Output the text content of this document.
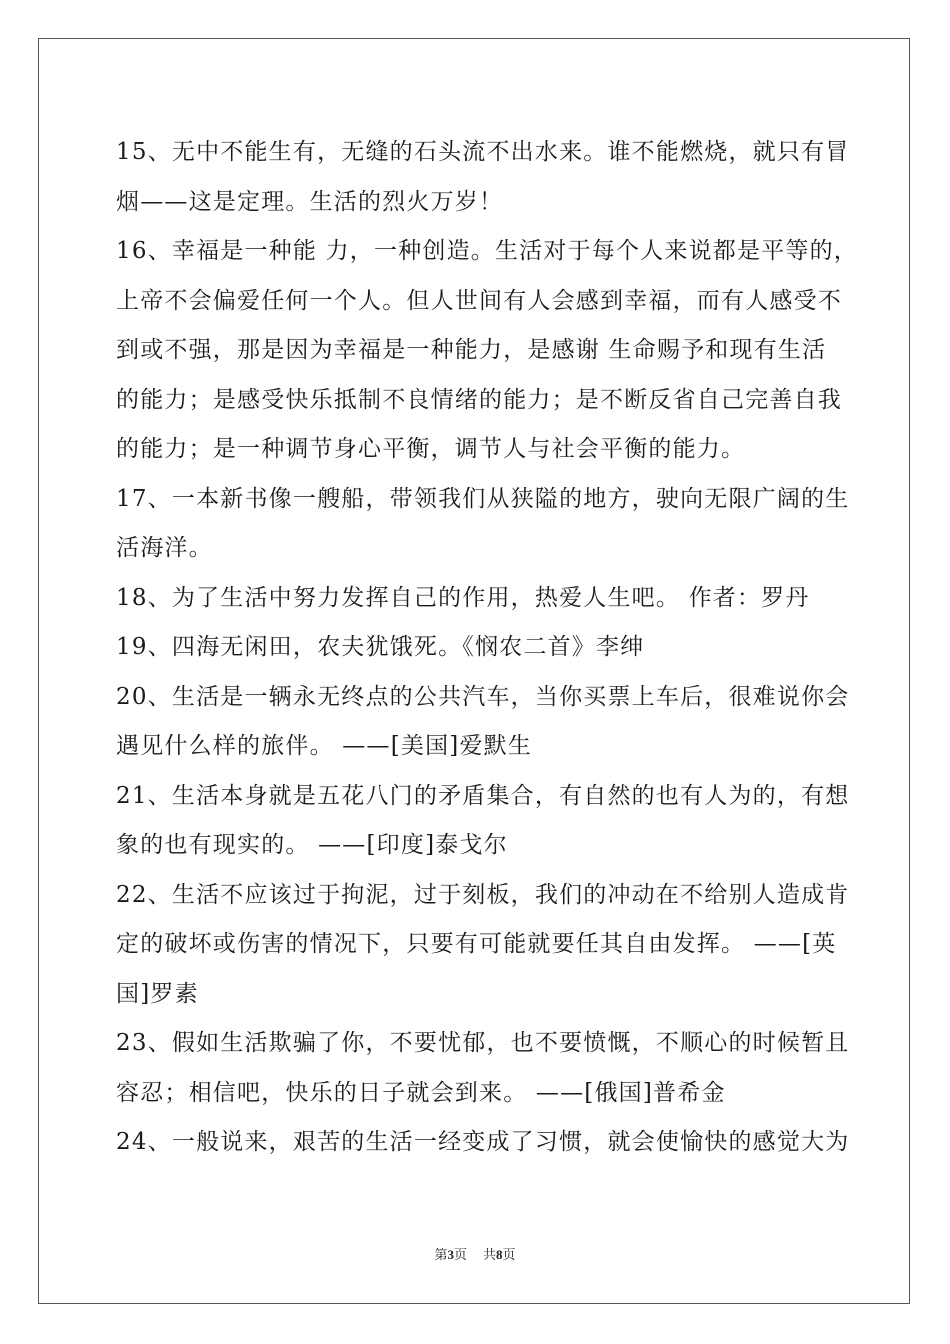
15、无中不能生有，无缝的石头流不出水来。谁不能燃烧，就只有冒
烟——这是定理。生活的烈火万岁！

16、幸福是一种能 力，一种创造。生活对于每个人来说都是平等的，
上帝不会偏爱任何一个人。但人世间有人会感到幸福，而有人感受不
到或不强，那是因为幸福是一种能力，是感谢 生命赐予和现有生活
的能力；是感受快乐抵制不良情绪的能力；是不断反省自己完善自我
的能力；是一种调节身心平衡，调节人与社会平衡的能力。

17、一本新书像一艘船，带领我们从狭隘的地方，驶向无限广阔的生
活海洋。

18、为了生活中努力发挥自己的作用，热爱人生吧。 作者：罗丹

19、四海无闲田，农夫犹饿死。《悯农二首》李绅

20、生活是一辆永无终点的公共汽车，当你买票上车后，很难说你会
遇见什么样的旅伴。 ——[美国]爱默生

21、生活本身就是五花八门的矛盾集合，有自然的也有人为的，有想
象的也有现实的。 ——[印度]泰戈尔

22、生活不应该过于拘泥，过于刻板，我们的冲动在不给别人造成肯
定的破坏或伤害的情况下，只要有可能就要任其自由发挥。 ——[英
国]罗素

23、假如生活欺骗了你，不要忧郁，也不要愤慨，不顺心的时候暂且
容忍；相信吧，快乐的日子就会到来。 ——[俄国]普希金

24、一般说来，艰苦的生活一经变成了习惯，就会使愉快的感觉大为

第3页 共8页
